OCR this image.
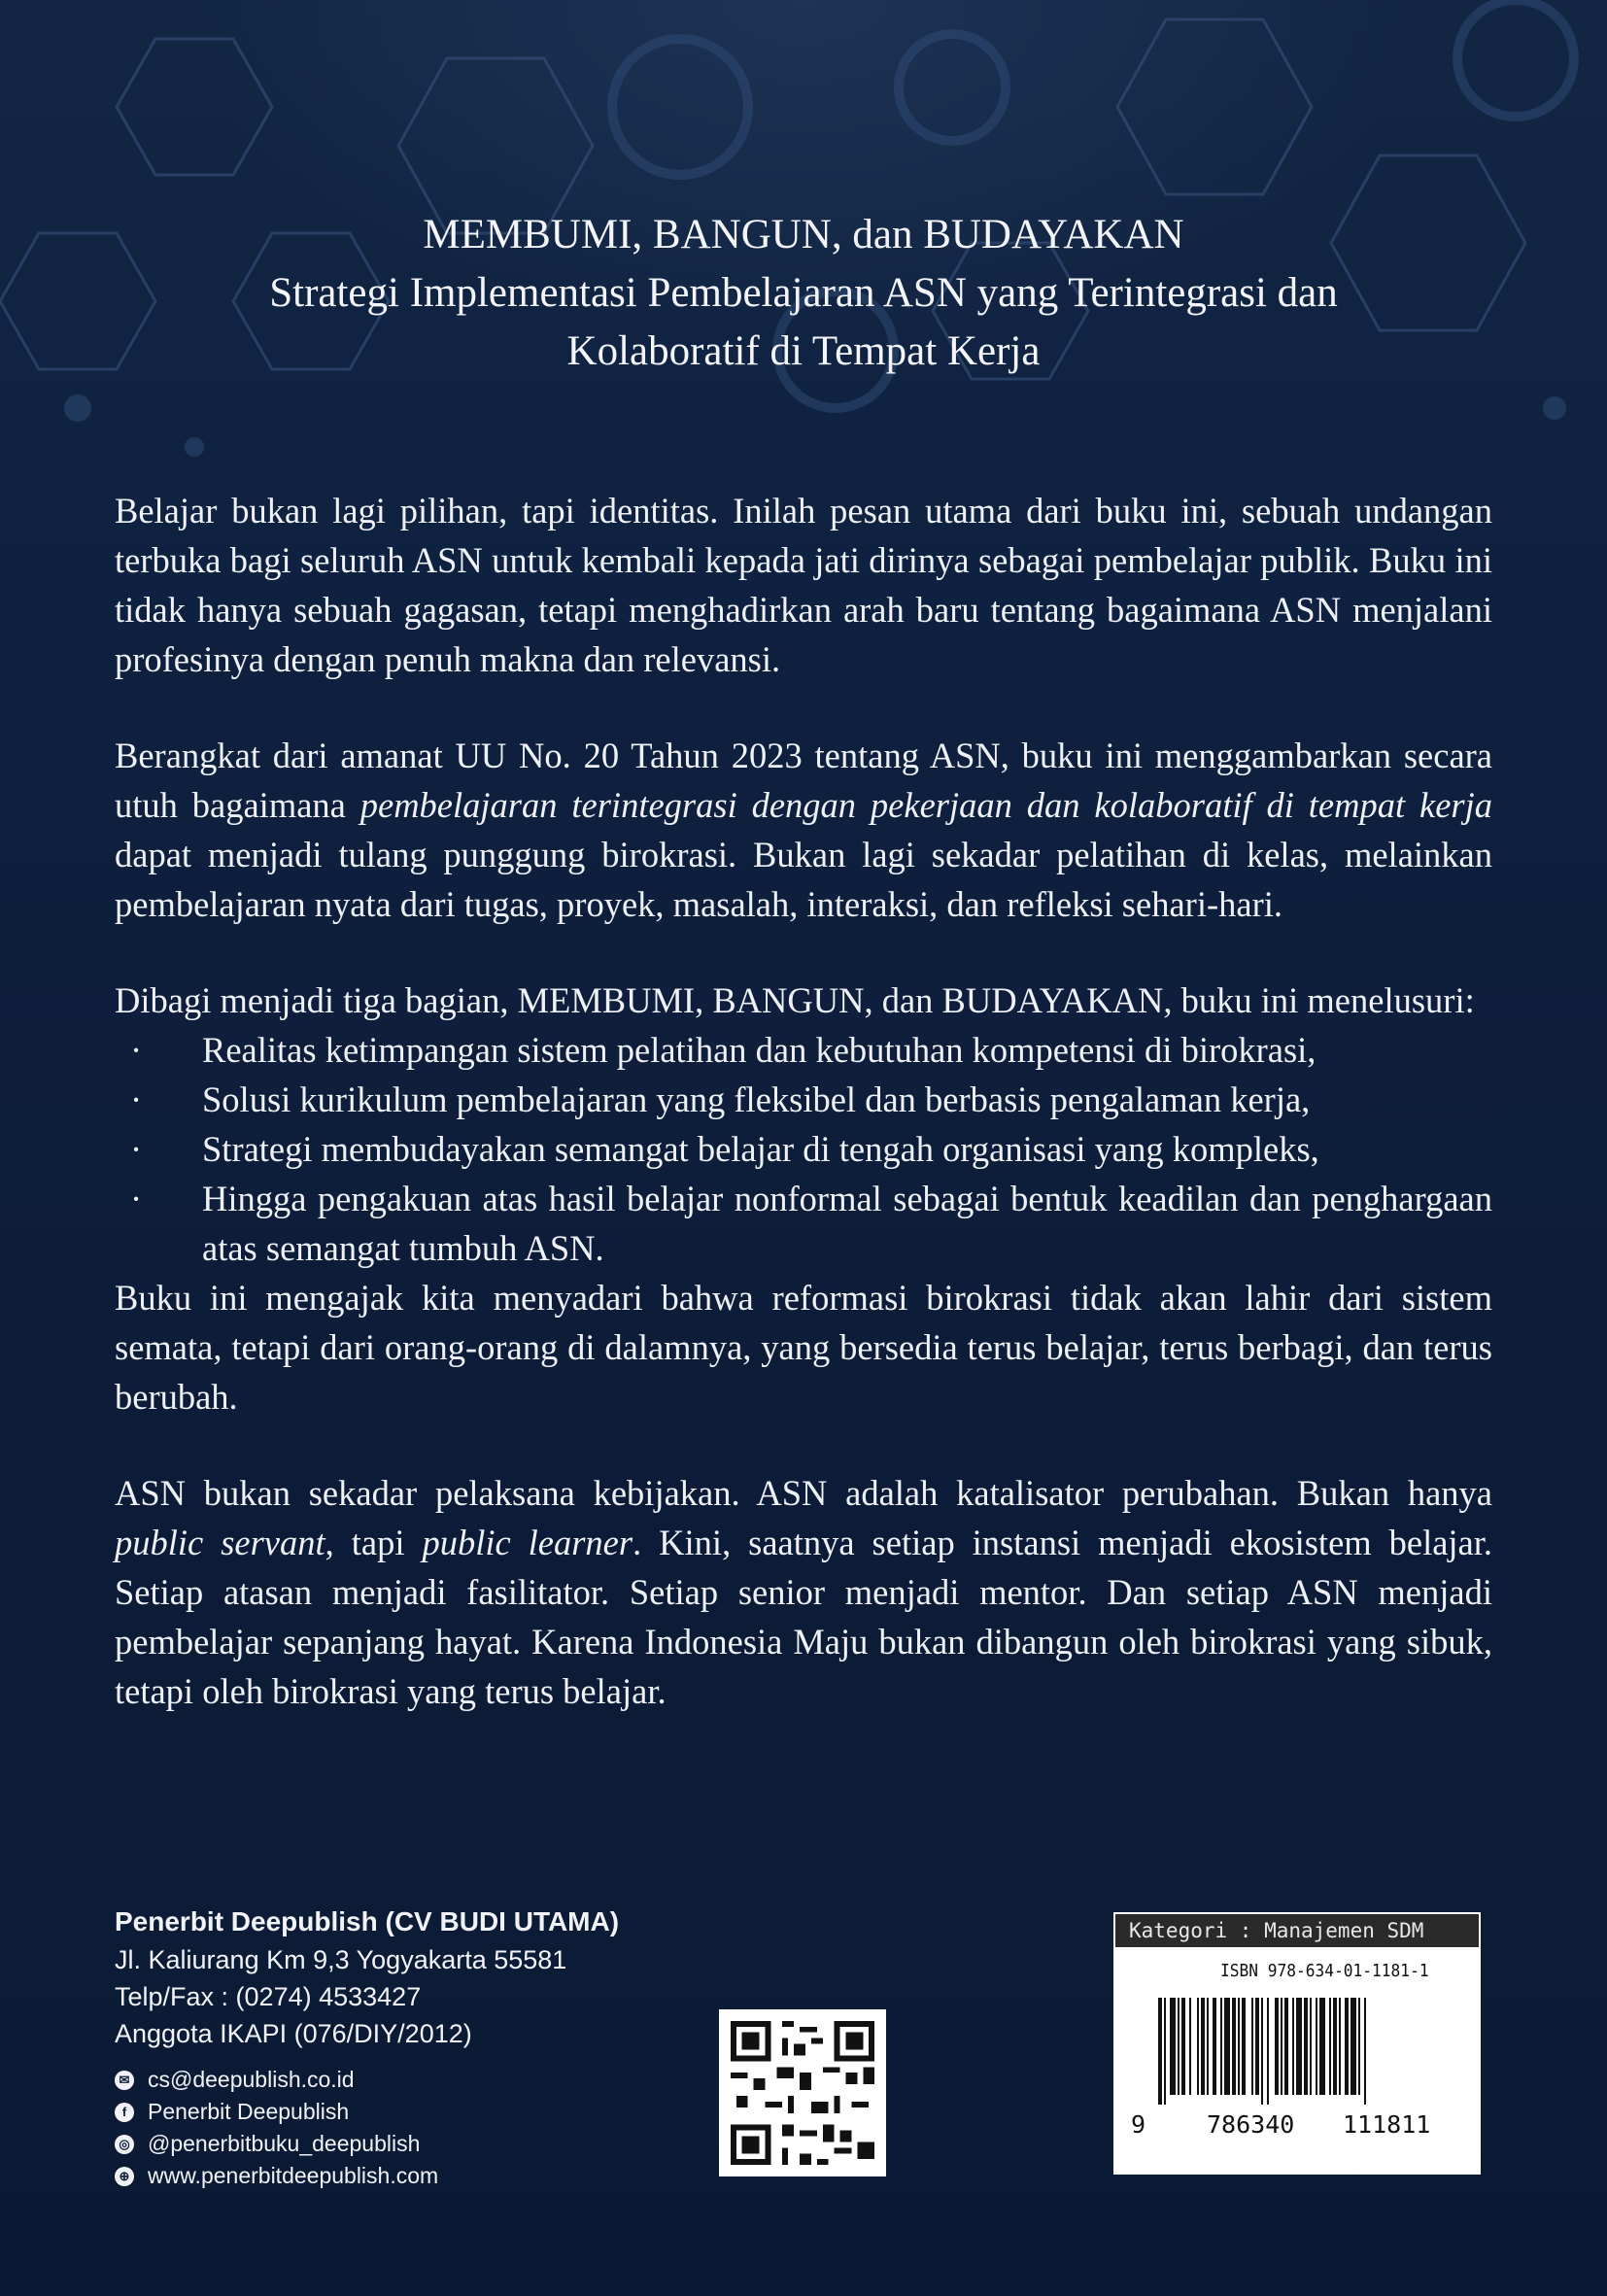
MEMBUMI, BANGUN, dan BUDAYAKAN
Strategi Implementasi Pembelajaran ASN yang Terintegrasi dan
Kolaboratif di Tempat Kerja

Belajar bukan lagi pilihan, tapi identitas. Inilah pesan utama dari buku ini, sebuah undangan terbuka bagi seluruh ASN untuk kembali kepada jati dirinya sebagai pembelajar publik. Buku ini tidak hanya sebuah gagasan, tetapi menghadirkan arah baru tentang bagaimana ASN menjalani profesinya dengan penuh makna dan relevansi.

Berangkat dari amanat UU No. 20 Tahun 2023 tentang ASN, buku ini menggambarkan secara utuh bagaimana pembelajaran terintegrasi dengan pekerjaan dan kolaboratif di tempat kerja dapat menjadi tulang punggung birokrasi. Bukan lagi sekadar pelatihan di kelas, melainkan pembelajaran nyata dari tugas, proyek, masalah, interaksi, dan refleksi sehari-hari.

Dibagi menjadi tiga bagian, MEMBUMI, BANGUN, dan BUDAYAKAN, buku ini menelusuri:

· Realitas ketimpangan sistem pelatihan dan kebutuhan kompetensi di birokrasi,
· Solusi kurikulum pembelajaran yang fleksibel dan berbasis pengalaman kerja,
· Strategi membudayakan semangat belajar di tengah organisasi yang kompleks,
· Hingga pengakuan atas hasil belajar nonformal sebagai bentuk keadilan dan penghargaan atas semangat tumbuh ASN.

Buku ini mengajak kita menyadari bahwa reformasi birokrasi tidak akan lahir dari sistem semata, tetapi dari orang-orang di dalamnya, yang bersedia terus belajar, terus berbagi, dan terus berubah.

ASN bukan sekadar pelaksana kebijakan. ASN adalah katalisator perubahan. Bukan hanya public servant, tapi public learner. Kini, saatnya setiap instansi menjadi ekosistem belajar. Setiap atasan menjadi fasilitator. Setiap senior menjadi mentor. Dan setiap ASN menjadi pembelajar sepanjang hayat. Karena Indonesia Maju bukan dibangun oleh birokrasi yang sibuk, tetapi oleh birokrasi yang terus belajar.

Penerbit Deepublish (CV BUDI UTAMA)
Jl. Kaliurang Km 9,3 Yogyakarta 55581
Telp/Fax : (0274) 4533427
Anggota IKAPI (076/DIY/2012)
✉ cs@deepublish.co.id
f Penerbit Deepublish
◎ @penerbitbuku_deepublish
⊕ www.penerbitdeepublish.com
Kategori : Manajemen SDM
ISBN 978-634-01-1181-1
9	786340 111811
